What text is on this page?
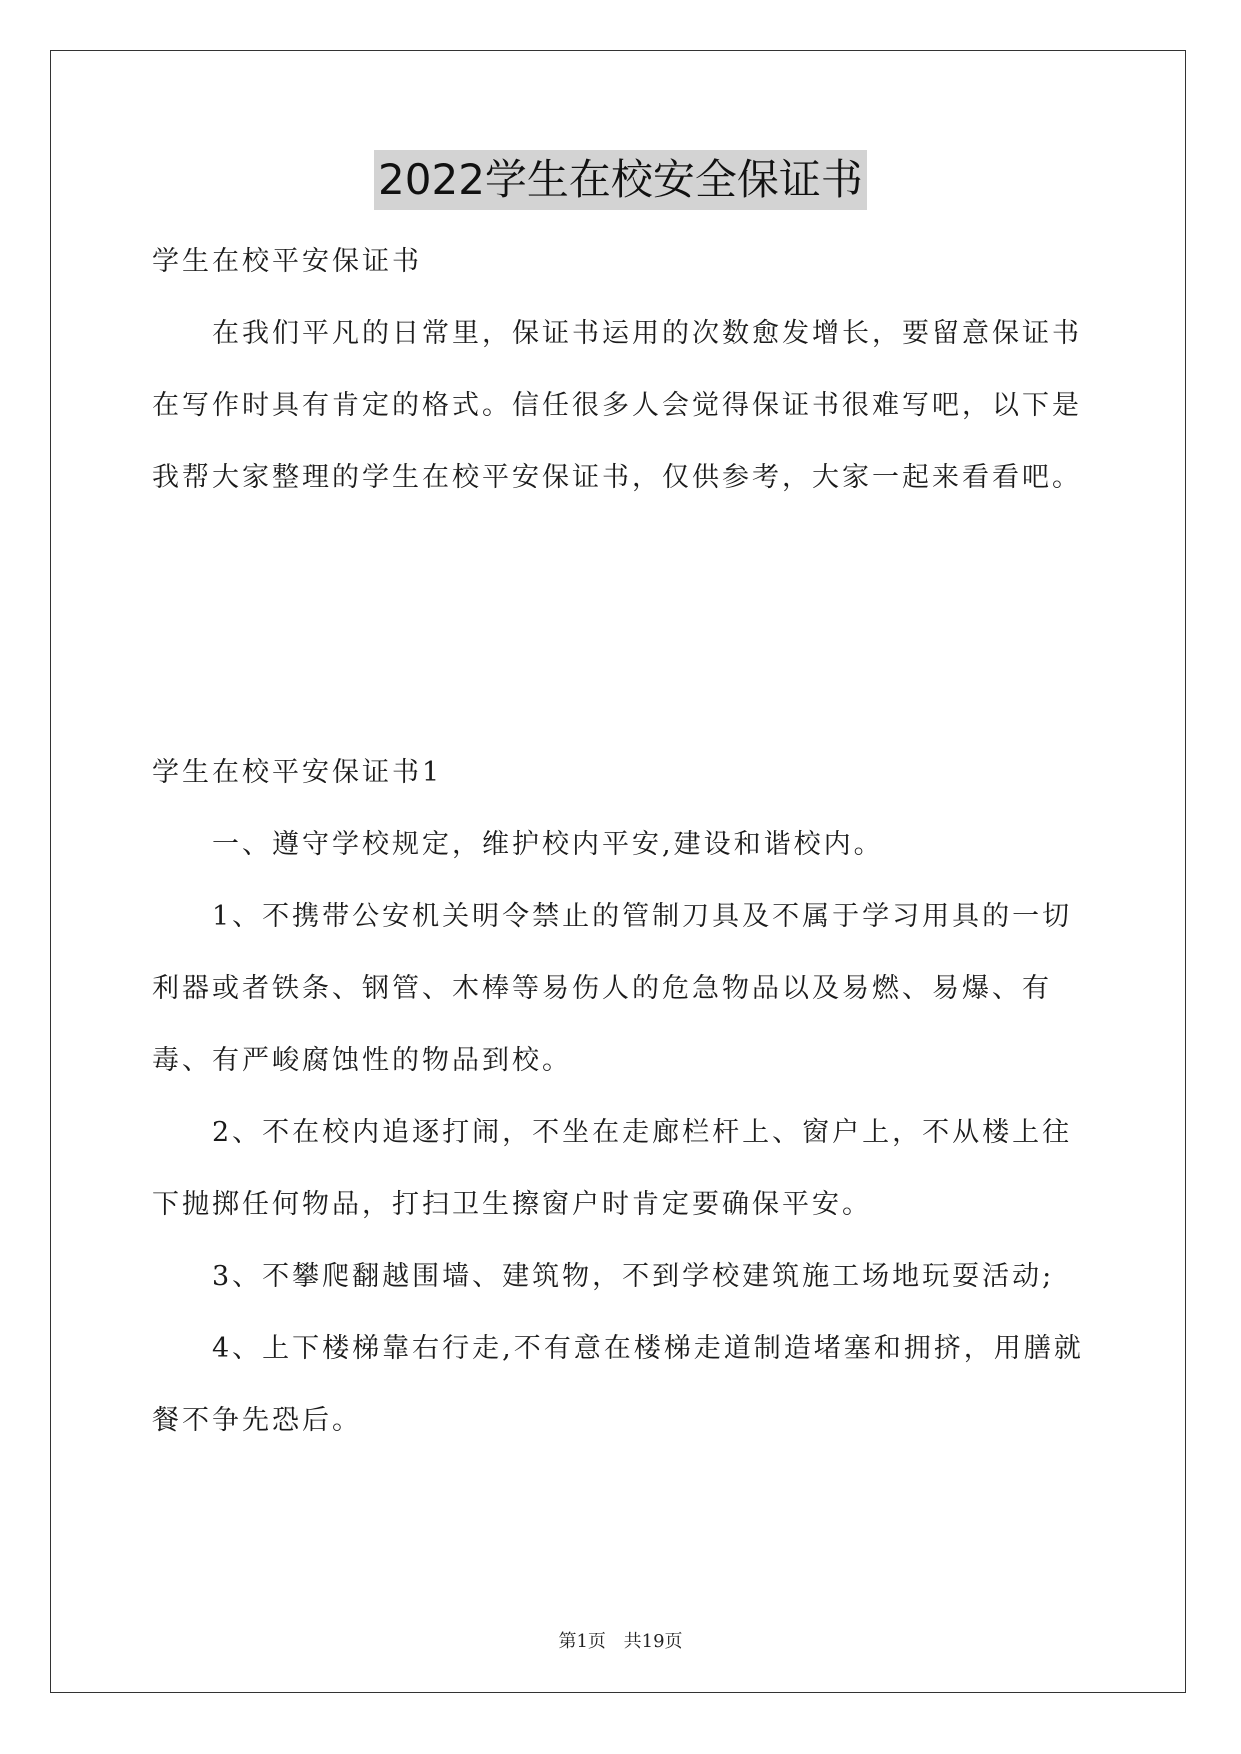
2022学生在校安全保证书

学生在校平安保证书

在我们平凡的日常里，保证书运用的次数愈发增长，要留意保证书在写作时具有肯定的格式。信任很多人会觉得保证书很难写吧，以下是我帮大家整理的学生在校平安保证书，仅供参考，大家一起来看看吧。

学生在校平安保证书1

一、遵守学校规定，维护校内平安,建设和谐校内。

1、不携带公安机关明令禁止的管制刀具及不属于学习用具的一切利器或者铁条、钢管、木棒等易伤人的危急物品以及易燃、易爆、有毒、有严峻腐蚀性的物品到校。

2、不在校内追逐打闹，不坐在走廊栏杆上、窗户上，不从楼上往下抛掷任何物品，打扫卫生擦窗户时肯定要确保平安。

3、不攀爬翻越围墙、建筑物，不到学校建筑施工场地玩耍活动;

4、上下楼梯靠右行走,不有意在楼梯走道制造堵塞和拥挤，用膳就餐不争先恐后。

第1页 共19页
